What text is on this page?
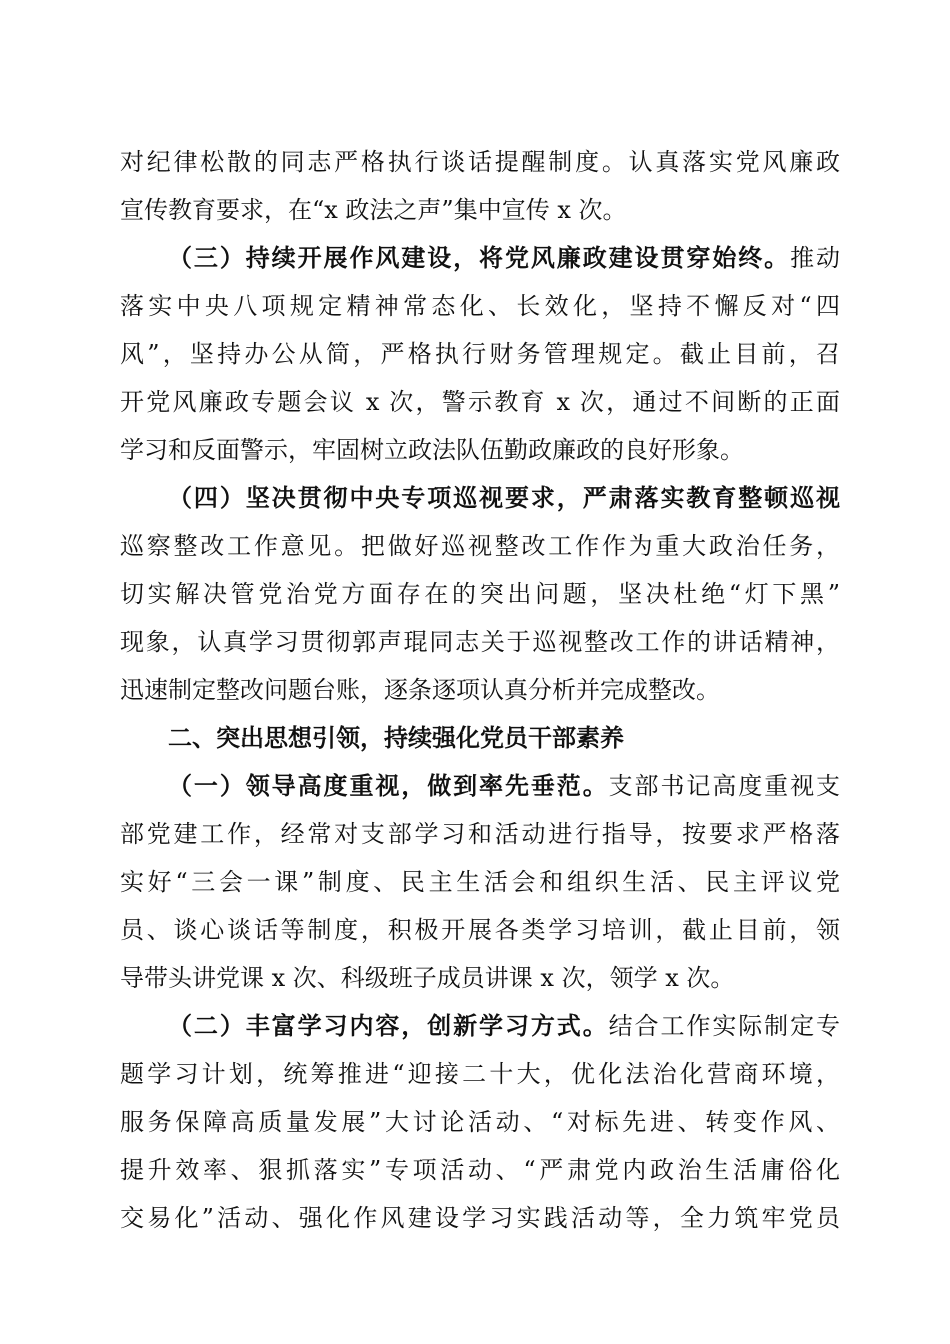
对纪律松散的同志严格执行谈话提醒制度。认真落实党风廉政
宣传教育要求，在“x 政法之声”集中宣传 x 次。
（三）持续开展作风建设，将党风廉政建设贯穿始终。推动
落实中央八项规定精神常态化、长效化，坚持不懈反对“四
风”，坚持办公从简，严格执行财务管理规定。截止目前，召
开党风廉政专题会议 x 次，警示教育 x 次，通过不间断的正面
学习和反面警示，牢固树立政法队伍勤政廉政的良好形象。
（四）坚决贯彻中央专项巡视要求，严肃落实教育整顿巡视
巡察整改工作意见。把做好巡视整改工作作为重大政治任务，
切实解决管党治党方面存在的突出问题，坚决杜绝“灯下黑”
现象，认真学习贯彻郭声琨同志关于巡视整改工作的讲话精神，
迅速制定整改问题台账，逐条逐项认真分析并完成整改。
二、突出思想引领，持续强化党员干部素养
（一）领导高度重视，做到率先垂范。支部书记高度重视支
部党建工作，经常对支部学习和活动进行指导，按要求严格落
实好“三会一课”制度、民主生活会和组织生活、民主评议党
员、谈心谈话等制度，积极开展各类学习培训，截止目前，领
导带头讲党课 x 次、科级班子成员讲课 x 次，领学 x 次。
（二）丰富学习内容，创新学习方式。结合工作实际制定专
题学习计划，统筹推进“迎接二十大，优化法治化营商环境，
服务保障高质量发展”大讨论活动、“对标先进、转变作风、
提升效率、狠抓落实”专项活动、“严肃党内政治生活庸俗化
交易化”活动、强化作风建设学习实践活动等，全力筑牢党员
